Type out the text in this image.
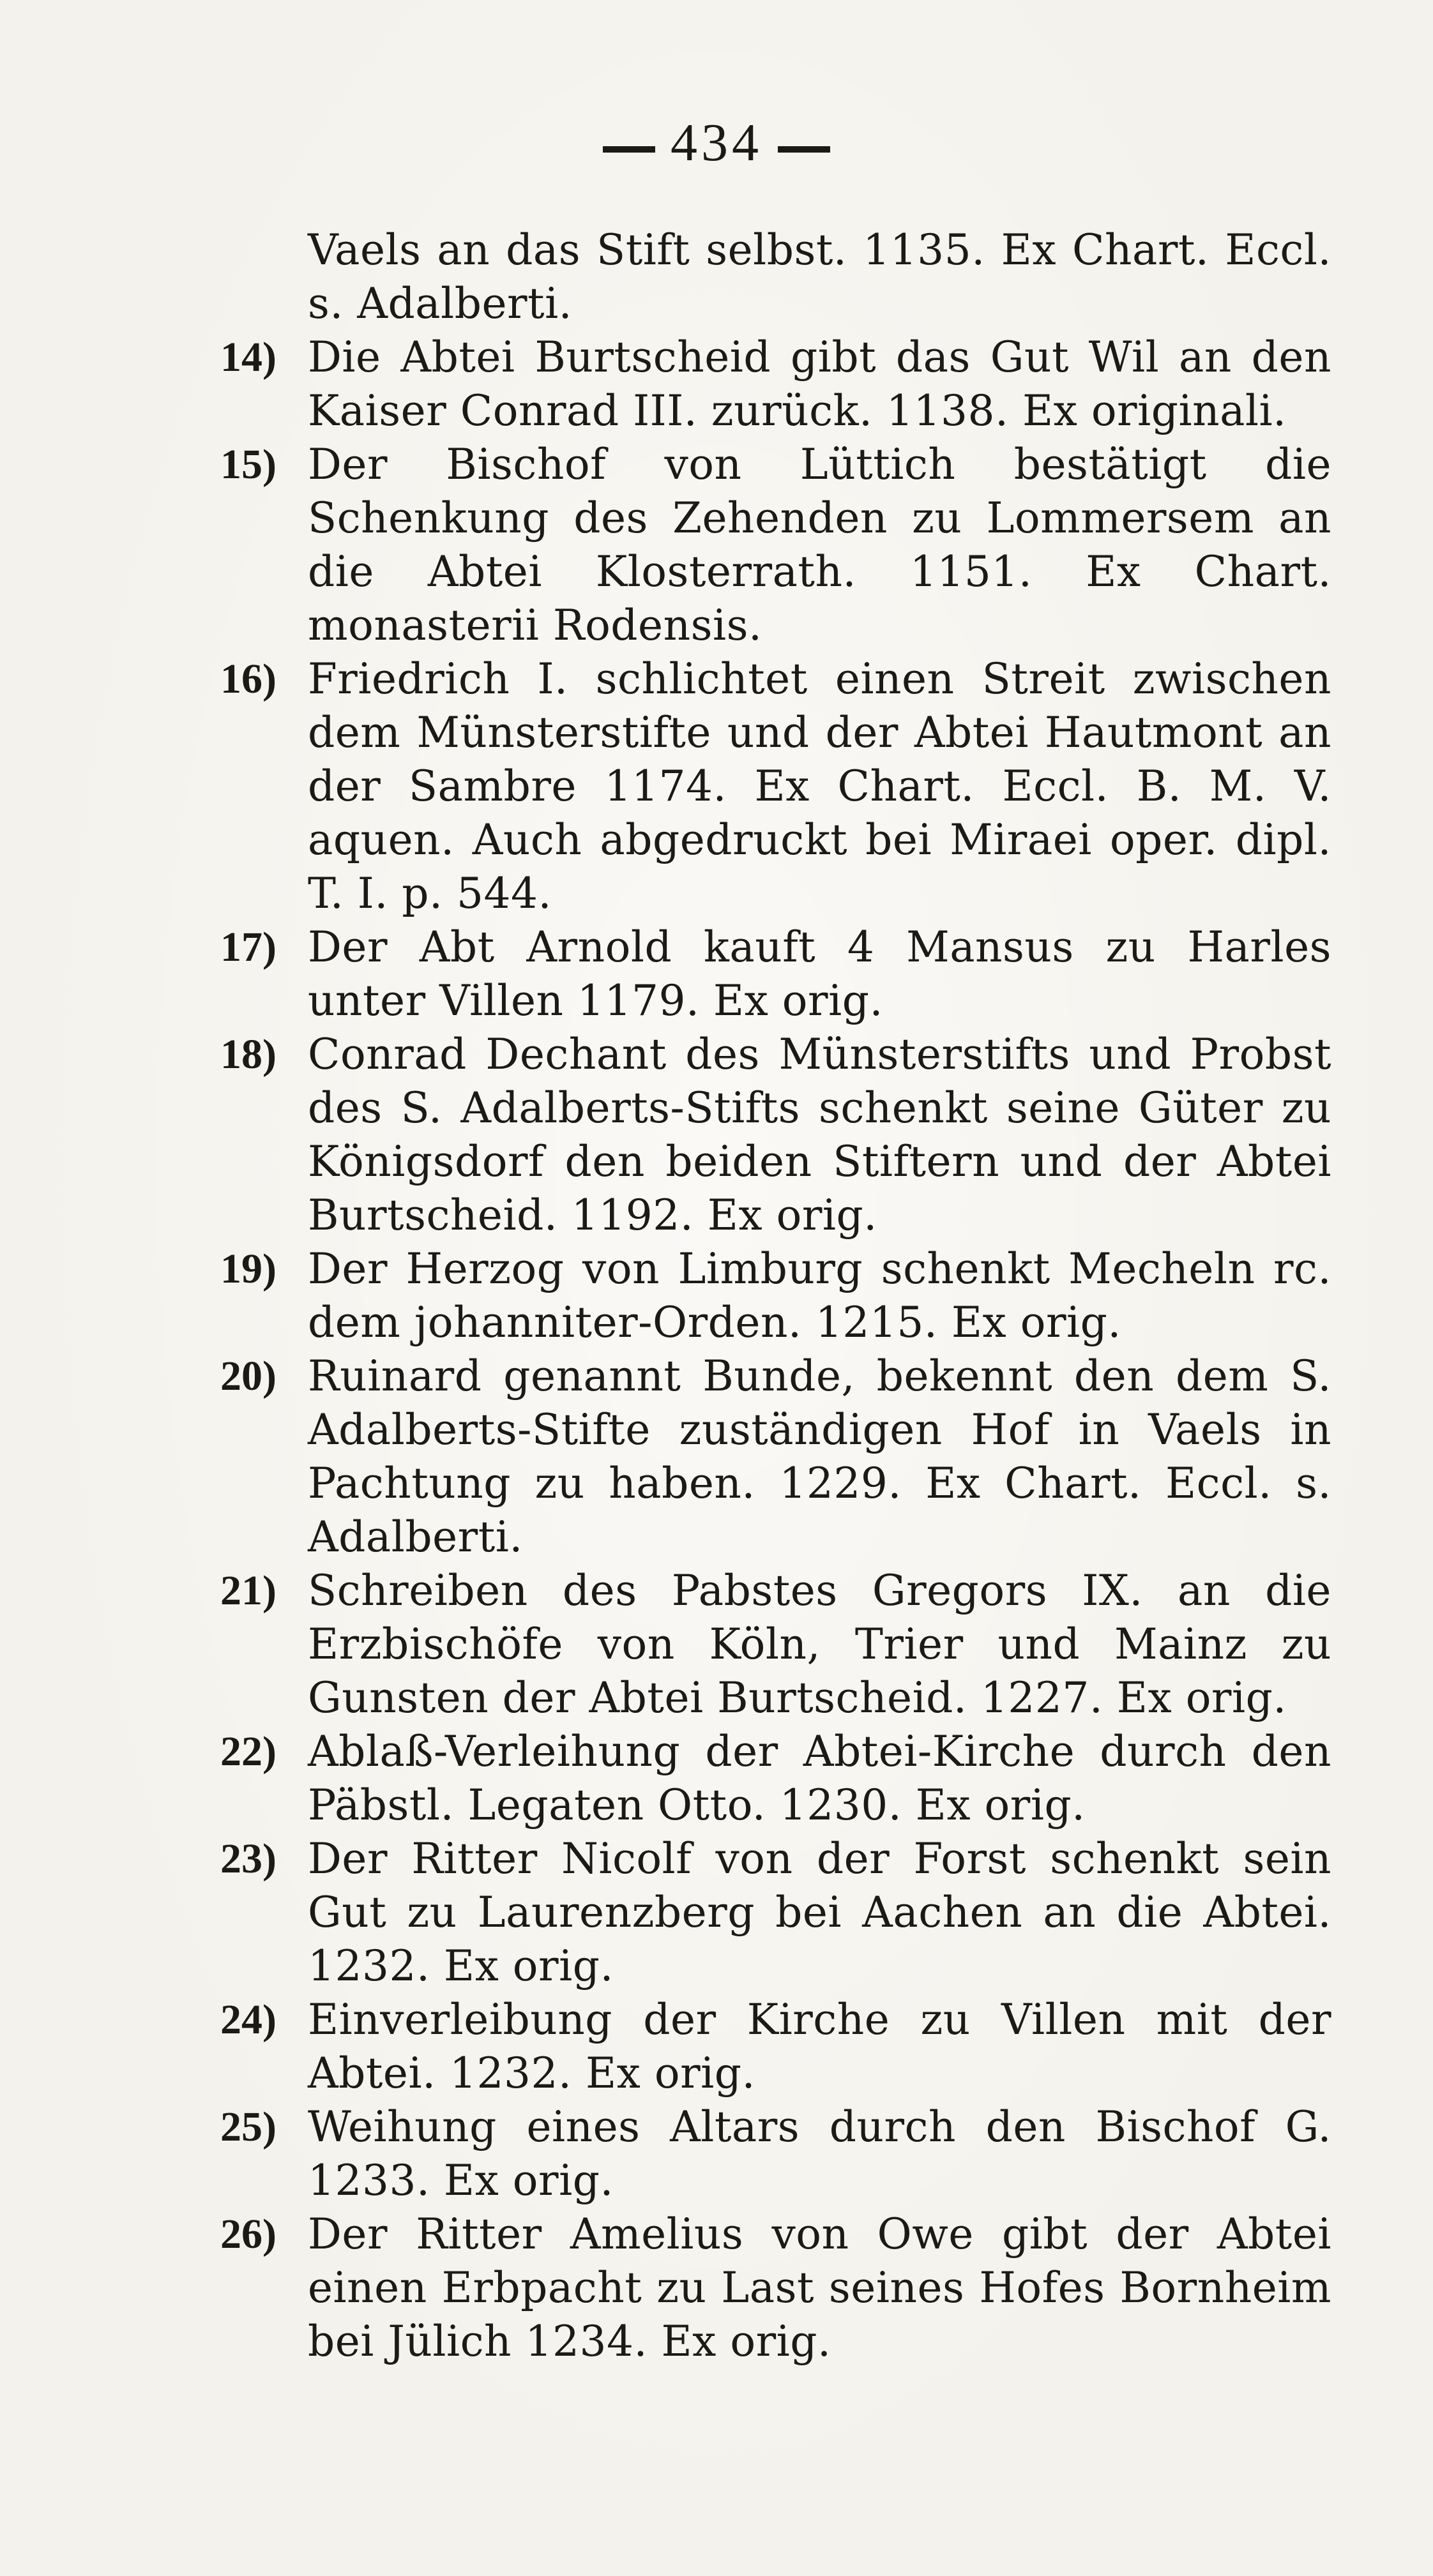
434
Vaels an das Stift selbst. 1135. Ex Chart. Eccl. s. Adalberti.
14) Die Abtei Burtscheid gibt das Gut Wil an den Kaiser Conrad III. zurück. 1138. Ex originali.
15) Der Bischof von Lüttich bestätigt die Schenkung des Zehenden zu Lommersem an die Abtei Klosterrath. 1151. Ex Chart. monasterii Rodensis.
16) Friedrich I. schlichtet einen Streit zwischen dem Münsterstifte und der Abtei Hautmont an der Sambre 1174. Ex Chart. Eccl. B. M. V. aquen. Auch abgedruckt bei Miraei oper. dipl. T. I. p. 544.
17) Der Abt Arnold kauft 4 Mansus zu Harles unter Villen 1179. Ex orig.
18) Conrad Dechant des Münsterstifts und Probst des S. Adalberts-Stifts schenkt seine Güter zu Königsdorf den beiden Stiftern und der Abtei Burtscheid. 1192. Ex orig.
19) Der Herzog von Limburg schenkt Mecheln rc. dem johanniter-Orden. 1215. Ex orig.
20) Ruinard genannt Bunde, bekennt den dem S. Adalberts-Stifte zuständigen Hof in Vaels in Pachtung zu haben. 1229. Ex Chart. Eccl. s. Adalberti.
21) Schreiben des Pabstes Gregors IX. an die Erzbischöfe von Köln, Trier und Mainz zu Gunsten der Abtei Burtscheid. 1227. Ex orig.
22) Ablaß-Verleihung der Abtei-Kirche durch den Päbstl. Legaten Otto. 1230. Ex orig.
23) Der Ritter Nicolf von der Forst schenkt sein Gut zu Laurenzberg bei Aachen an die Abtei. 1232. Ex orig.
24) Einverleibung der Kirche zu Villen mit der Abtei. 1232. Ex orig.
25) Weihung eines Altars durch den Bischof G. 1233. Ex orig.
26) Der Ritter Amelius von Owe gibt der Abtei einen Erbpacht zu Last seines Hofes Bornheim bei Jülich 1234. Ex orig.
